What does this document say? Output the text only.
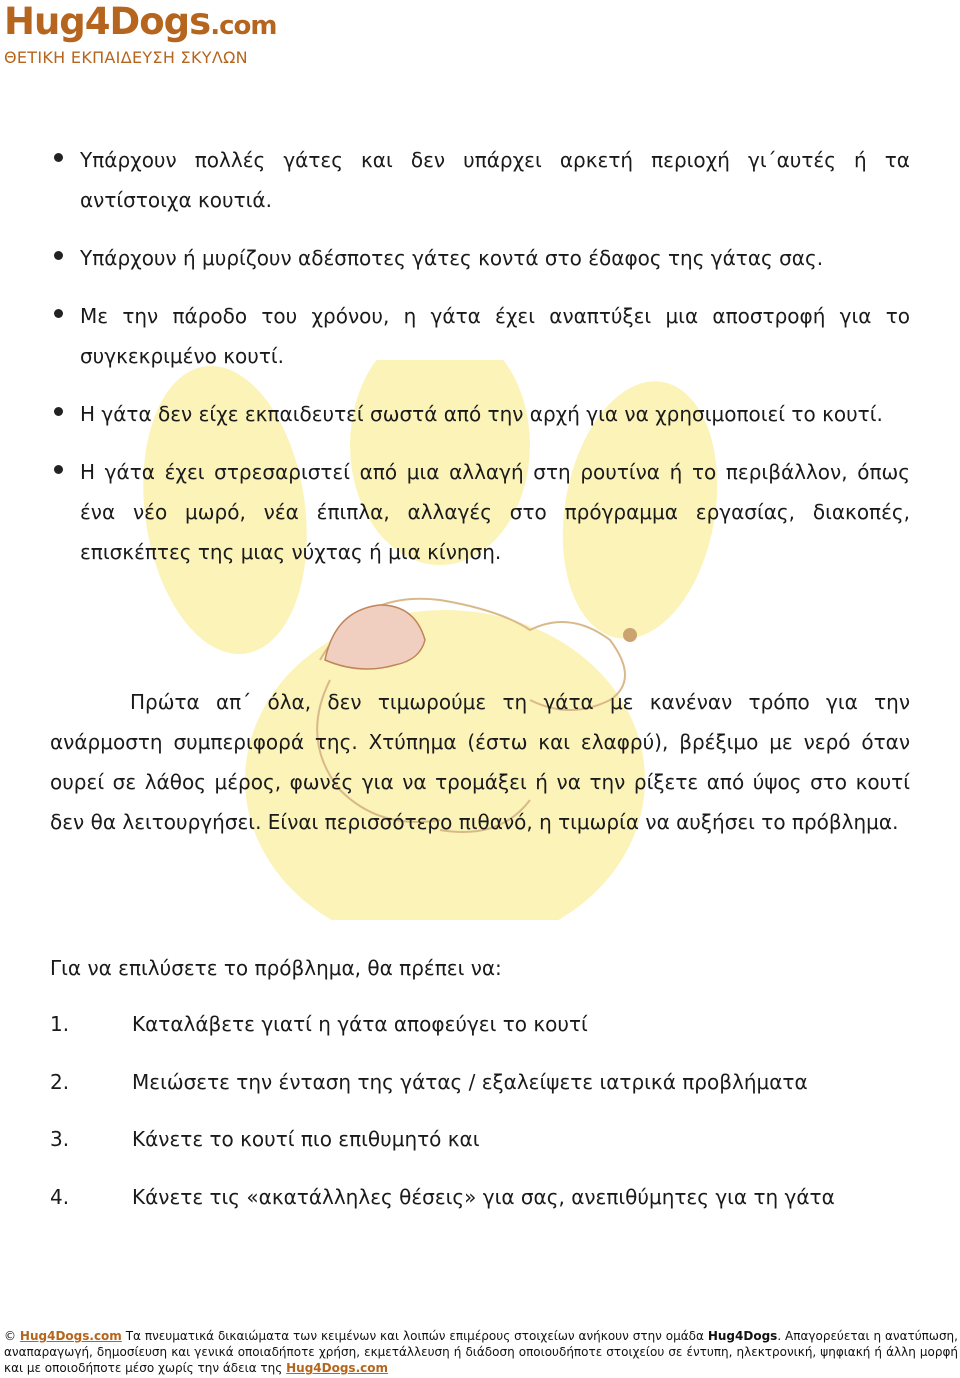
Hug4Dogs.com
ΘΕΤΙΚΗ ΕΚΠΑΙΔΕΥΣΗ ΣΚΥΛΩΝ
Υπάρχουν πολλές γάτες και δεν υπάρχει αρκετή περιοχή γι΄αυτές ή τα αντίστοιχα κουτιά.
Υπάρχουν ή μυρίζουν αδέσποτες γάτες κοντά στο έδαφος της γάτας σας.
Με την πάροδο του χρόνου, η γάτα έχει αναπτύξει μια αποστροφή για το συγκεκριμένο κουτί.
Η γάτα δεν είχε εκπαιδευτεί σωστά από την αρχή για να χρησιμοποιεί το κουτί.
Η γάτα έχει στρεσαριστεί από μια αλλαγή στη ρουτίνα ή το περιβάλλον, όπως ένα νέο μωρό, νέα έπιπλα, αλλαγές στο πρόγραμμα εργασίας, διακοπές, επισκέπτες της μιας νύχτας ή μια κίνηση.

Πρώτα απ΄ όλα, δεν τιμωρούμε τη γάτα με κανέναν τρόπο για την ανάρμοστη συμπεριφορά της. Χτύπημα (έστω και ελαφρύ), βρέξιμο με νερό όταν ουρεί σε λάθος μέρος, φωνές για να τρομάξει ή να την ρίξετε από ύψος στο κουτί δεν θα λειτουργήσει. Είναι περισσότερο πιθανό, η τιμωρία να αυξήσει το πρόβλημα.

Για να επιλύσετε το πρόβλημα, θα πρέπει να:
1.	Καταλάβετε γιατί η γάτα αποφεύγει το κουτί
2.	Μειώσετε την ένταση της γάτας / εξαλείψετε ιατρικά προβλήματα
3.	Κάνετε το κουτί πιο επιθυμητό και
4.	Κάνετε τις «ακατάλληλες θέσεις» για σας, ανεπιθύμητες για τη γάτα
© Hug4Dogs.com Τα πνευματικά δικαιώματα των κειμένων και λοιπών επιμέρους στοιχείων ανήκουν στην ομάδα Hug4Dogs. Απαγορεύεται η ανατύπωση, αναπαραγωγή, δημοσίευση και γενικά οποιαδήποτε χρήση, εκμετάλλευση ή διάδοση οποιουδήποτε στοιχείου σε έντυπη, ηλεκτρονική, ψηφιακή ή άλλη μορφή και με οποιοδήποτε μέσο χωρίς την άδεια της Hug4Dogs.com
